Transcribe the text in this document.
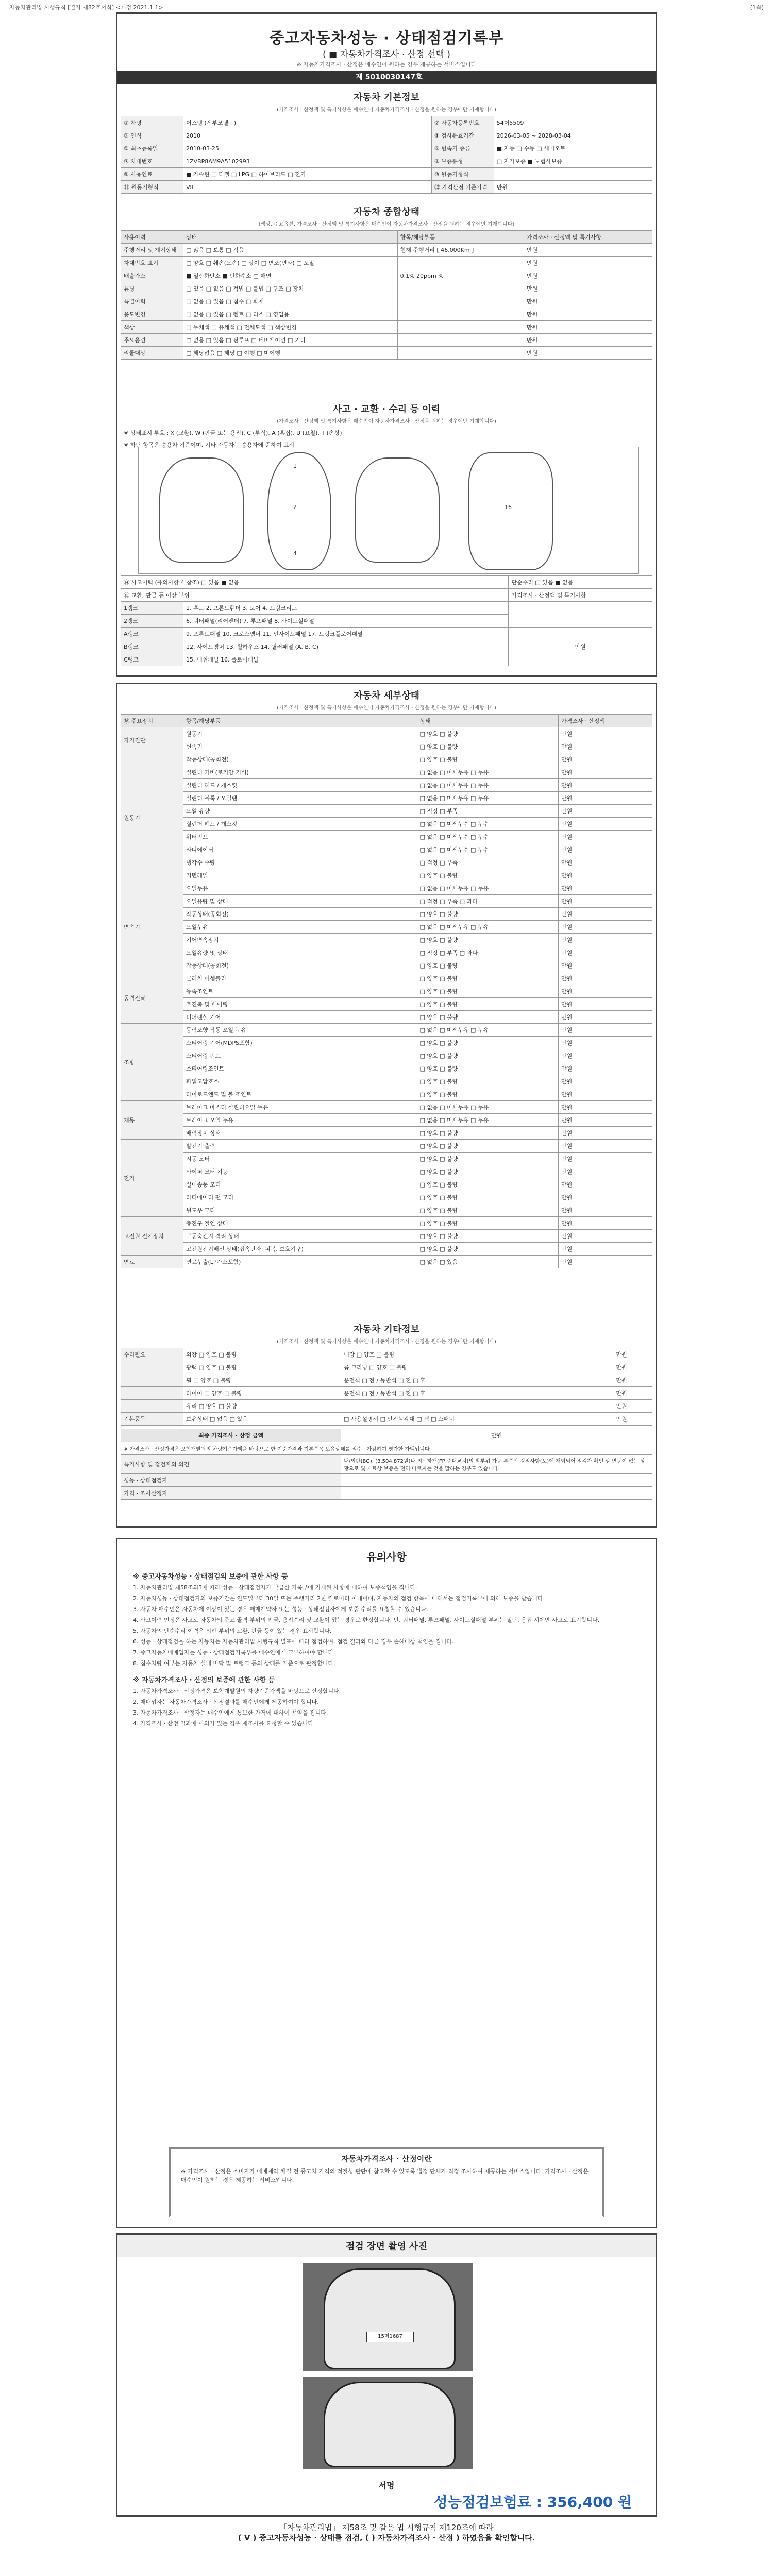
자동차관리법 시행규칙 [별지 제82호서식] <개정 2021.1.1>	(1쪽)
중고자동차성능 · 상태점검기록부
( ■ 자동차가격조사 · 산정 선택 )
※ 자동차가격조사 · 산정은 매수인이 원하는 경우 제공하는 서비스입니다
제 5010030147호
자동차 기본정보
(가격조사 · 산정액 및 특기사항은 매수인이 자동차가격조사 · 산정을 원하는 경우에만 기재합니다)
① 차명	머스탱 (세부모델 : )	② 자동차등록번호	54머5509
③ 연식	2010	④ 검사유효기간	2026-03-05 ~ 2028-03-04
⑤ 최초등록일	2010-03-25	⑥ 변속기 종류	■ 자동 □ 수동 □ 세미오토
⑦ 차대번호	1ZVBP8AM9A5102993	⑧ 보증유형	□ 자가보증 ■ 보험사보증
⑨ 사용연료	■ 가솔린 □ 디젤 □ LPG □ 하이브리드 □ 전기	⑩ 원동기형식	
⑪ 원동기형식	V8	⑫ 가격산정 기준가격	만원
자동차 종합상태
(색상, 주요옵션, 가격조사 · 산정액 및 특기사항은 매수인이 자동차가격조사 · 산정을 원하는 경우에만 기재합니다)
사용이력	상태	항목/해당부품	가격조사 · 산정액 및 특기사항
주행거리 및 계기상태	□ 많음 □ 보통 □ 적음	현재 주행거리 [ 46,000Km ]	만원
차대번호 표기	□ 양호 □ 훼손(오손) □ 상이 □ 변조(변타) □ 도말		만원
배출가스	■ 일산화탄소 ■ 탄화수소 □ 매연	0.1% 20ppm %	만원
튜닝	□ 있음 □ 없음 □ 적법 □ 불법 □ 구조 □ 장치		만원
특별이력	□ 없음 □ 있음 □ 침수 □ 화재		만원
용도변경	□ 없음 □ 있음 □ 렌트 □ 리스 □ 영업용		만원
색상	□ 무채색 □ 유채색 □ 전체도색 □ 색상변경		만원
주요옵션	□ 없음 □ 있음 □ 썬루프 □ 네비게이션 □ 기타		만원
리콜대상	□ 해당없음 □ 해당 □ 이행 □ 미이행		만원
사고 · 교환 · 수리 등 이력
(가격조사 · 산정액 및 특기사항은 매수인이 자동차가격조사 · 산정을 원하는 경우에만 기재합니다)
※ 상태표시 부호 : X (교환), W (판금 또는 용접), C (부식), A (흠집), U (요철), T (손상)
※ 하단 항목은 승용차 기준이며, 기타 자동차는 승용차에 준하여 표시
2
1
4
16
⑭ 사고이력 (유의사항 4 참조) □ 있음 ■ 없음		단순수리 □ 있음 ■ 없음
⑮ 교환, 판금 등 이상 부위		가격조사 · 산정액 및 특기사항
1랭크	1. 후드 2. 프론트휀더 3. 도어 4. 트렁크리드	
2랭크	6. 쿼터패널(리어펜더) 7. 루프패널 8. 사이드실패널	
A랭크	9. 프론트패널 10. 크로스멤버 11. 인사이드패널 17. 트렁크플로어패널	만원
B랭크	12. 사이드멤버 13. 휠하우스 14. 필러패널 (A, B, C)	
C랭크	15. 대쉬패널 16. 플로어패널	
자동차 세부상태
(가격조사 · 산정액 및 특기사항은 매수인이 자동차가격조사 · 산정을 원하는 경우에만 기재합니다)
⑯ 주요장치	항목/해당부품	상태	가격조사 · 산정액
자기진단	원동기	□ 양호 □ 불량	만원
	변속기	□ 양호 □ 불량	만원
원동기	작동상태(공회전)	□ 양호 □ 불량	만원
	실린더 커버(로커암 커버)	□ 없음 □ 미세누유 □ 누유	만원
	실린더 헤드 / 개스킷	□ 없음 □ 미세누유 □ 누유	만원
	실린더 블록 / 오일팬	□ 없음 □ 미세누유 □ 누유	만원
	오일 유량	□ 적정 □ 부족	만원
	실린더 헤드 / 개스킷	□ 없음 □ 미세누수 □ 누수	만원
	워터펌프	□ 없음 □ 미세누수 □ 누수	만원
	라디에이터	□ 없음 □ 미세누수 □ 누수	만원
	냉각수 수량	□ 적정 □ 부족	만원
	커먼레일	□ 양호 □ 불량	만원
변속기	오일누유	□ 없음 □ 미세누유 □ 누유	만원
	오일유량 및 상태	□ 적정 □ 부족 □ 과다	만원
	작동상태(공회전)	□ 양호 □ 불량	만원
	오일누유	□ 없음 □ 미세누유 □ 누유	만원
	기어변속장치	□ 양호 □ 불량	만원
	오일유량 및 상태	□ 적정 □ 부족 □ 과다	만원
	작동상태(공회전)	□ 양호 □ 불량	만원
동력전달	클러치 어셈블리	□ 양호 □ 불량	만원
	등속조인트	□ 양호 □ 불량	만원
	추진축 및 베어링	□ 양호 □ 불량	만원
	디퍼렌셜 기어	□ 양호 □ 불량	만원
조향	동력조향 작동 오일 누유	□ 없음 □ 미세누유 □ 누유	만원
	스티어링 기어(MDPS포함)	□ 양호 □ 불량	만원
	스티어링 펌프	□ 양호 □ 불량	만원
	스티어링조인트	□ 양호 □ 불량	만원
	파워고압호스	□ 양호 □ 불량	만원
	타이로드엔드 및 볼 조인트	□ 양호 □ 불량	만원
제동	브레이크 마스터 실린더오일 누유	□ 없음 □ 미세누유 □ 누유	만원
	브레이크 오일 누유	□ 없음 □ 미세누유 □ 누유	만원
	배력장치 상태	□ 양호 □ 불량	만원
전기	발전기 출력	□ 양호 □ 불량	만원
	시동 모터	□ 양호 □ 불량	만원
	와이퍼 모터 기능	□ 양호 □ 불량	만원
	실내송풍 모터	□ 양호 □ 불량	만원
	라디에이터 팬 모터	□ 양호 □ 불량	만원
	윈도우 모터	□ 양호 □ 불량	만원
고전원 전기장치	충전구 절연 상태	□ 양호 □ 불량	만원
	구동축전지 격리 상태	□ 양호 □ 불량	만원
	고전원전기배선 상태(접속단자, 피복, 보호기구)	□ 양호 □ 불량	만원
연료	연료누출(LP가스포함)	□ 없음 □ 있음	만원
자동차 기타정보
(가격조사 · 산정액 및 특기사항은 매수인이 자동차가격조사 · 산정을 원하는 경우에만 기재합니다)
수리필요	외장 □ 양호 □ 불량	내장 □ 양호 □ 불량	만원
	광택 □ 양호 □ 불량	룸 크리닝 □ 양호 □ 불량	만원
	휠 □ 양호 □ 불량	운전석 □ 전 / 동반석 □ 전 □ 후	만원
	타이어 □ 양호 □ 불량	운전석 □ 전 / 동반석 □ 전 □ 후	만원
	유리 □ 양호 □ 불량		만원
기본품목	보유상태 □ 없음 □ 있음	□ 사용설명서 □ 안전삼각대 □ 잭 □ 스패너	만원
최종 가격조사 · 산정 금액	만원
※ 가격조사 · 산정가격은 보험개발원의 차량기준가액을 바탕으로 한 기준가격과 기본품목 보유상태를 점수 · 가감하여 평가한 가액입니다	
특기사항 및 점검자의 의견	내/외판(BG), (3,504,872원)나 외교하개(FP 중대교치)의 발부위 가능 부품만 검점사항(토)에 재외되어 점검자 확인 상 변동이 없는 상황으로 및 자료상 보증은 전혀 다르지는 것을 말하는 경우도 있습니다.
성능 · 상태점검자	
가격 · 조사산정자	
유의사항

※ 중고자동차성능 · 상태점검의 보증에 관한 사항 등

1. 자동차관리법 제58조의3에 따라 성능 · 상태점검자가 발급한 기록부에 기재된 사항에 대하여 보증책임을 집니다.

2. 자동차성능 · 상태점검자의 보증기간은 인도일부터 30일 또는 주행거리 2천 킬로미터 이내이며, 자동차의 점검 항목에 대해서는 점검기록부에 의해 보증을 받습니다.

3. 자동차 매수인은 자동차에 이상이 있는 경우 매매계약자 또는 성능 · 상태점검자에게 보증 수리를 요청할 수 있습니다.

4. 사고이력 인정은 사고로 자동차의 주요 골격 부위의 판금, 용접수리 및 교환이 있는 경우로 한정합니다. 단, 쿼터패널, 루프패널, 사이드실패널 부위는 절단, 용접 시에만 사고로 표기합니다.

5. 자동차의 단순수리 이력은 외판 부위의 교환, 판금 등이 있는 경우 표시합니다.

6. 성능 · 상태점검을 하는 자동차는 자동차관리법 시행규칙 별표에 따라 점검하며, 점검 결과와 다른 경우 손해배상 책임을 집니다.

7. 중고자동차매매업자는 성능 · 상태점검기록부를 매수인에게 교부하여야 합니다.

8. 침수차량 여부는 자동차 실내 바닥 및 트렁크 등의 상태를 기준으로 판정합니다.

※ 자동차가격조사 · 산정의 보증에 관한 사항 등

1. 자동차가격조사 · 산정가격은 보험개발원의 차량기준가액을 바탕으로 산정합니다.

2. 매매업자는 자동차가격조사 · 산정결과를 매수인에게 제공하여야 합니다.

3. 자동차가격조사 · 산정자는 매수인에게 통보한 가격에 대하여 책임을 집니다.

4. 가격조사 · 산정 결과에 이의가 있는 경우 재조사를 요청할 수 있습니다.

자동차가격조사 · 산정이란
※ 가격조사 · 산정은 소비자가 매매계약 체결 전 중고차 가격의 적절성 판단에 참고할 수 있도록 법정 단체가 직접 조사하여 제공하는 서비스입니다. 가격조사 · 산정은 매수인이 원하는 경우 제공하는 서비스입니다.
점검 장면 촬영 사진
15머1687
서명
성능점검보험료 : 356,400 원
「자동차관리법」 제58조 및 같은 법 시행규칙 제120조에 따라
( V ) 중고자동차성능 · 상태를 점검, ( ) 자동차가격조사 · 산정 ) 하였음을 확인합니다.
